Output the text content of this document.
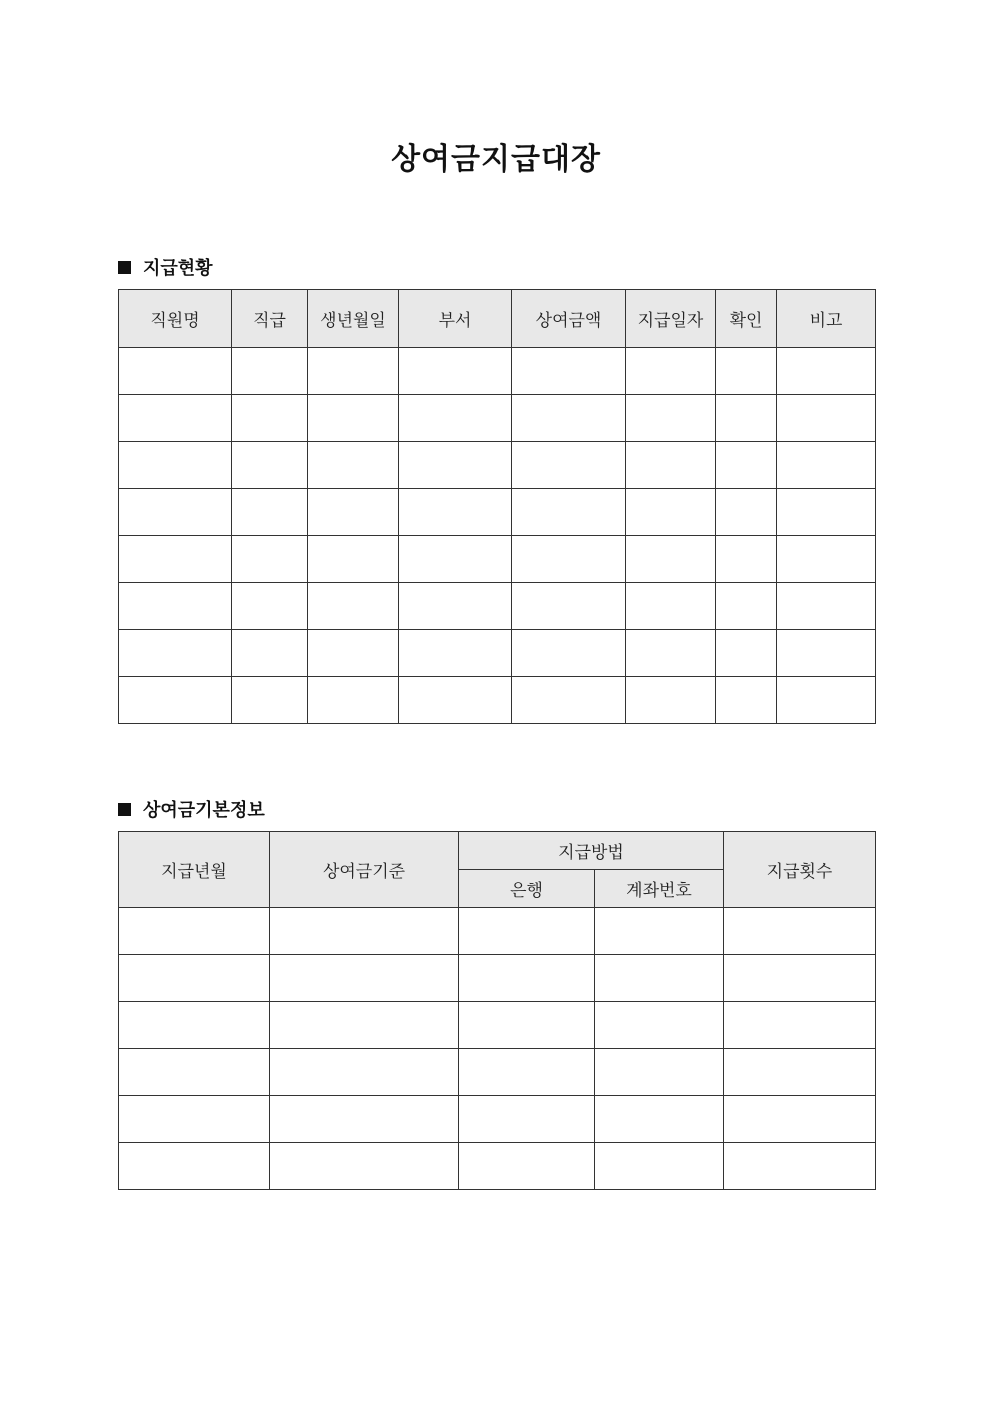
상여금지급대장
지급현황
직원명	직급	생년월일	부서	상여금액	지급일자	확인	비고

상여금기본정보
지급년월	상여금기준	지급방법		지급횟수
		은행	계좌번호	
